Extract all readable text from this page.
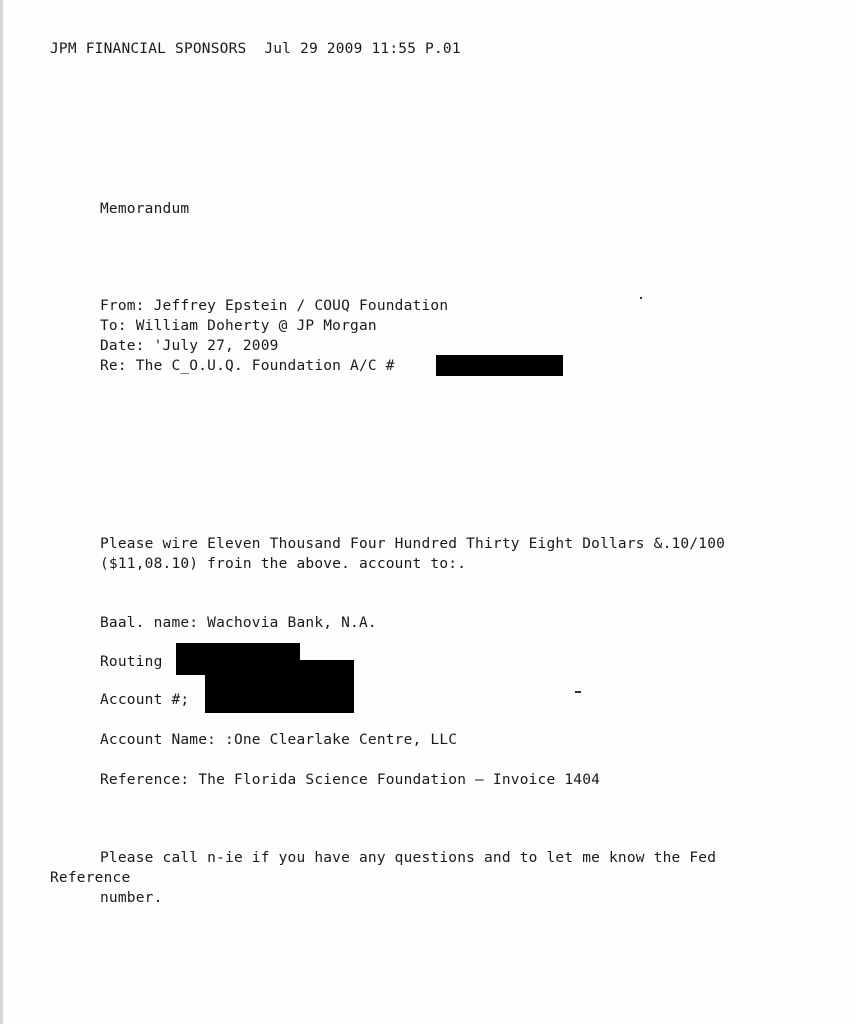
JPM FINANCIAL SPONSORS  Jul 29 2009 11:55 P.01
Memorandum
From: Jeffrey Epstein / COUQ Foundation
To: William Doherty @ JP Morgan
Date: 'July 27, 2009
Re: The C_O.U.Q. Foundation A/C #
Please wire Eleven Thousand Four Hundred Thirty Eight Dollars &.10/100
($11,08.10) froin the above. account to:.
Baal. name: Wachovia Bank, N.A.
Routing
Account #;
Account Name: :One Clearlake Centre, LLC
Reference: The Florida Science Foundation – Invoice 1404
Please call n-ie if you have any questions and to let me know the Fed
Reference
number.
